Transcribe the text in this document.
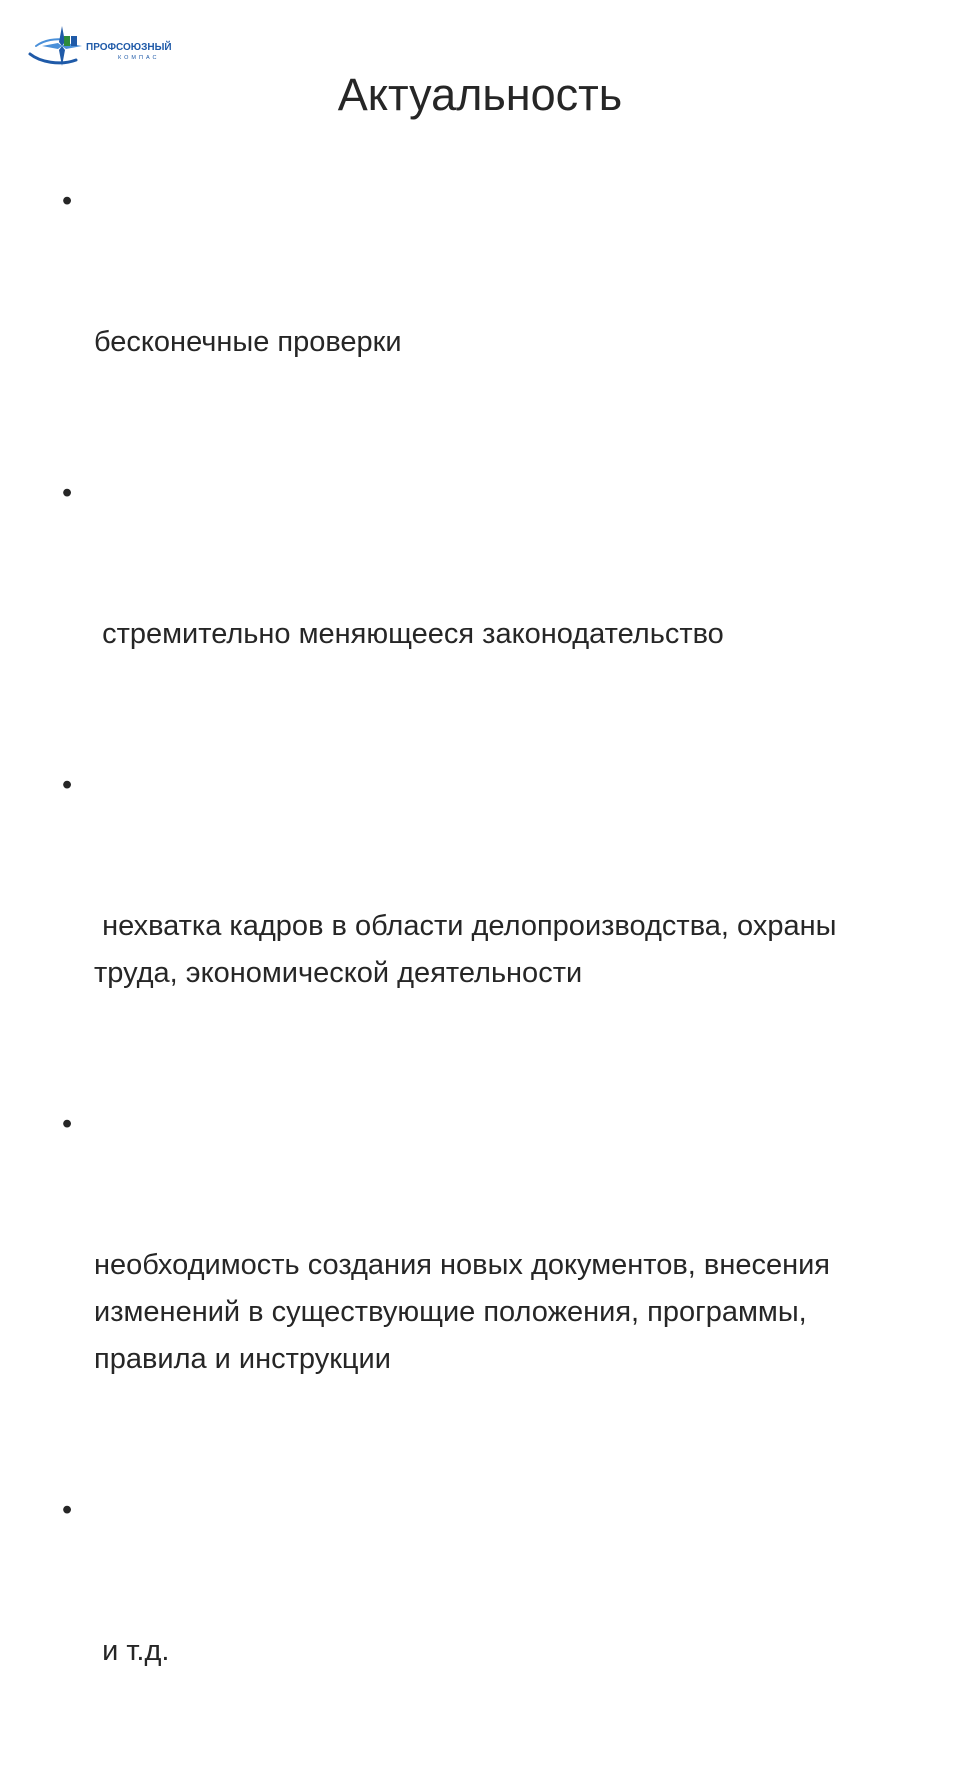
ПРОФСОЮЗНЫЙ
КОМПАС
Актуальность

•

бесконечные проверки

•

стремительно меняющееся законодательство

•

нехватка кадров в области делопроизводства, охраны труда, экономической деятельности

•

необходимость создания новых документов, внесения изменений в существующие положения, программы, правила и инструкции

•

и т.д.
